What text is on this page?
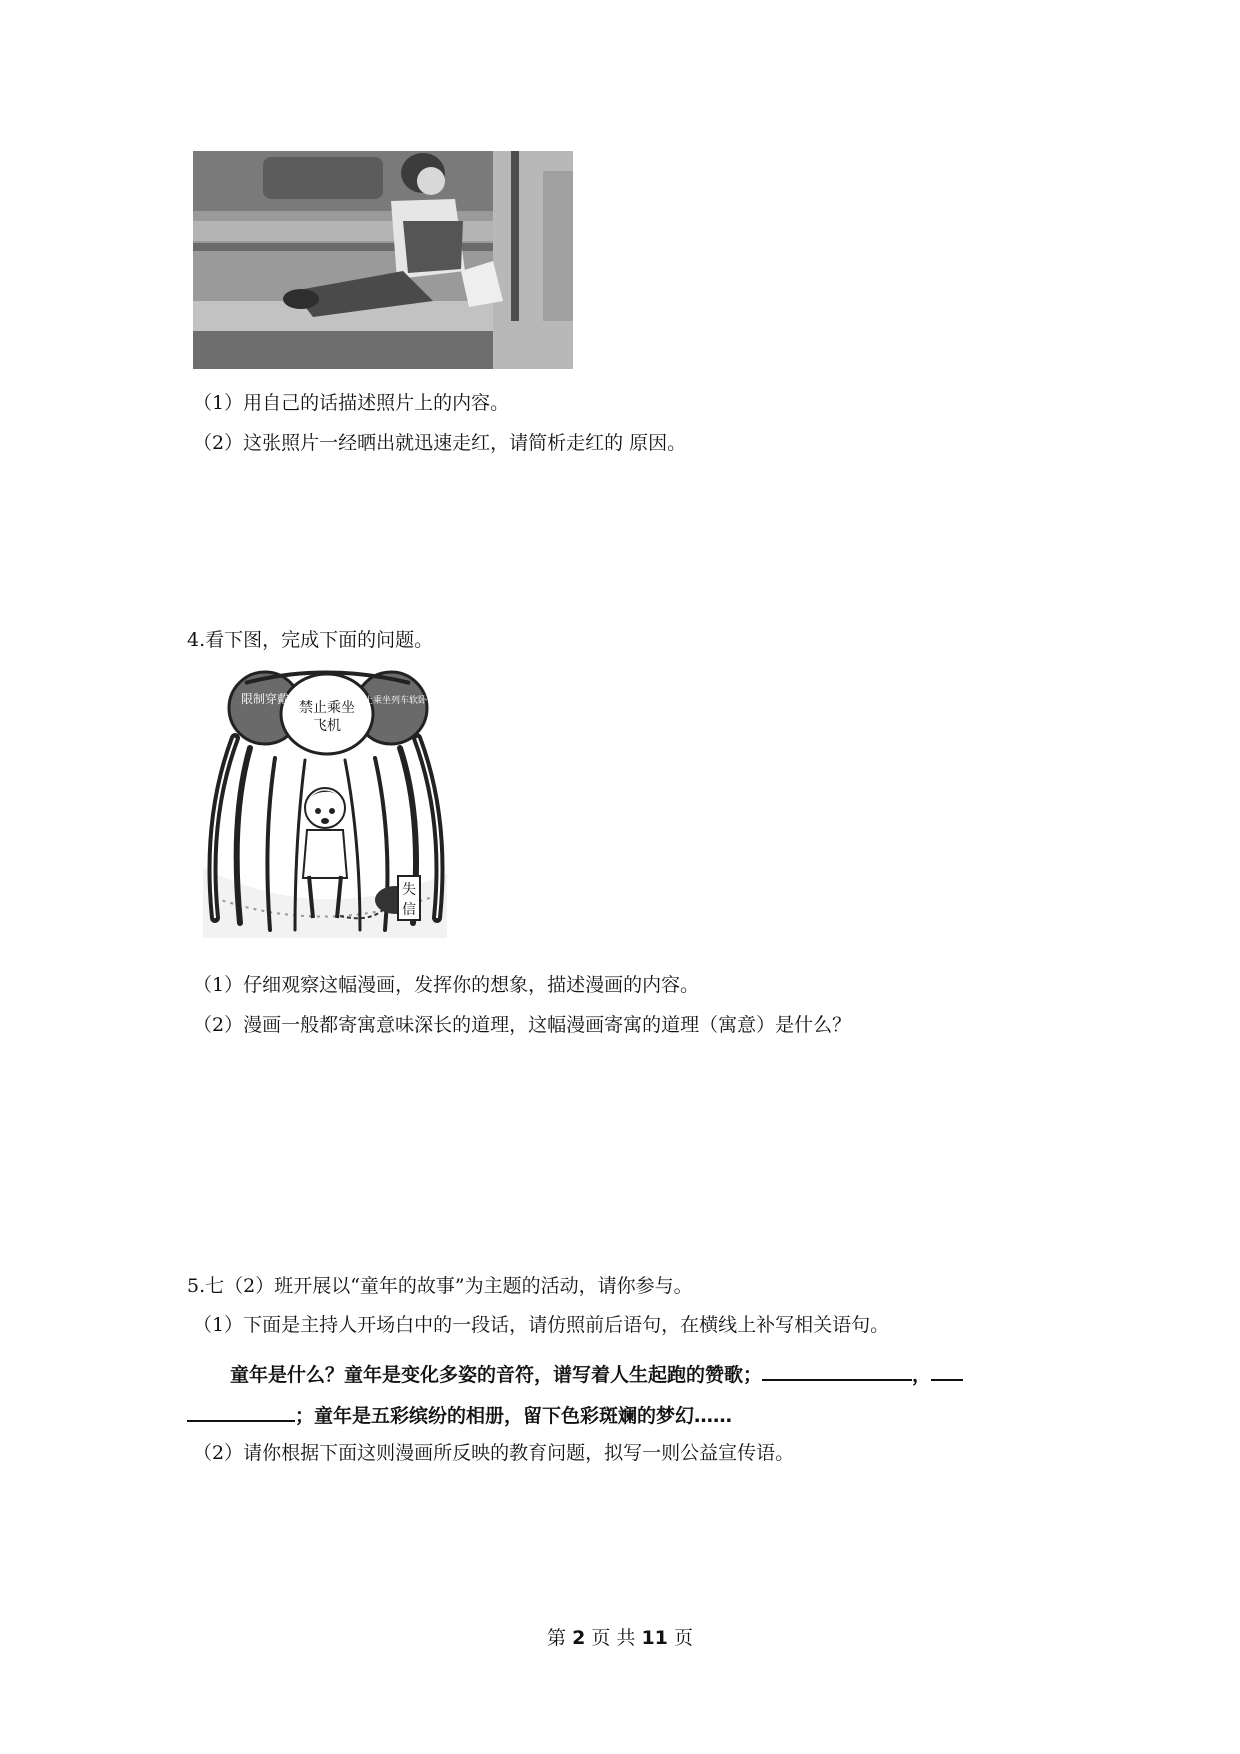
（1）用自己的话描述照片上的内容。
（2）这张照片一经晒出就迅速走红，请简析走红的 原因。
4.看下图，完成下面的问题。
限制穿戴
禁止乘坐
飞机
禁止乘坐列车软卧
失
信
（1）仔细观察这幅漫画，发挥你的想象，描述漫画的内容。
（2）漫画一般都寄寓意味深长的道理，这幅漫画寄寓的道理（寓意）是什么？
5.七（2）班开展以“童年的故事”为主题的活动，请你参与。
（1）下面是主持人开场白中的一段话，请仿照前后语句，在横线上补写相关语句。
童年是什么？童年是变化多姿的音符，谱写着人生起跑的赞歌；	，
；童年是五彩缤纷的相册，留下色彩斑斓的梦幻……
（2）请你根据下面这则漫画所反映的教育问题，拟写一则公益宣传语。
第 2 页 共 11 页
